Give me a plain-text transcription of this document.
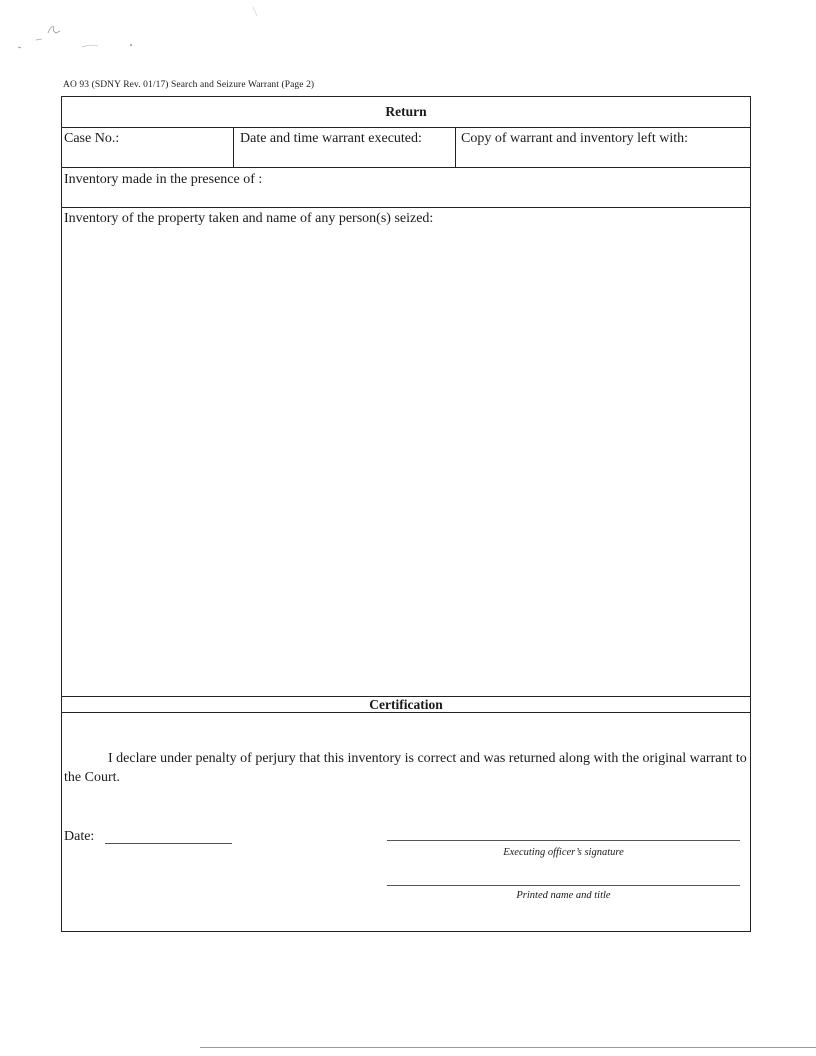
AO 93 (SDNY Rev. 01/17) Search and Seizure Warrant (Page 2)
Return
Case No.:	Date and time warrant executed:	Copy of warrant and inventory left with:
Inventory made in the presence of :
Inventory of the property taken and name of any person(s) seized:
Certification
I declare under penalty of perjury that this inventory is correct and was returned along with the original warrant to the Court.
Date:
Executing officer’s signature
Printed name and title
